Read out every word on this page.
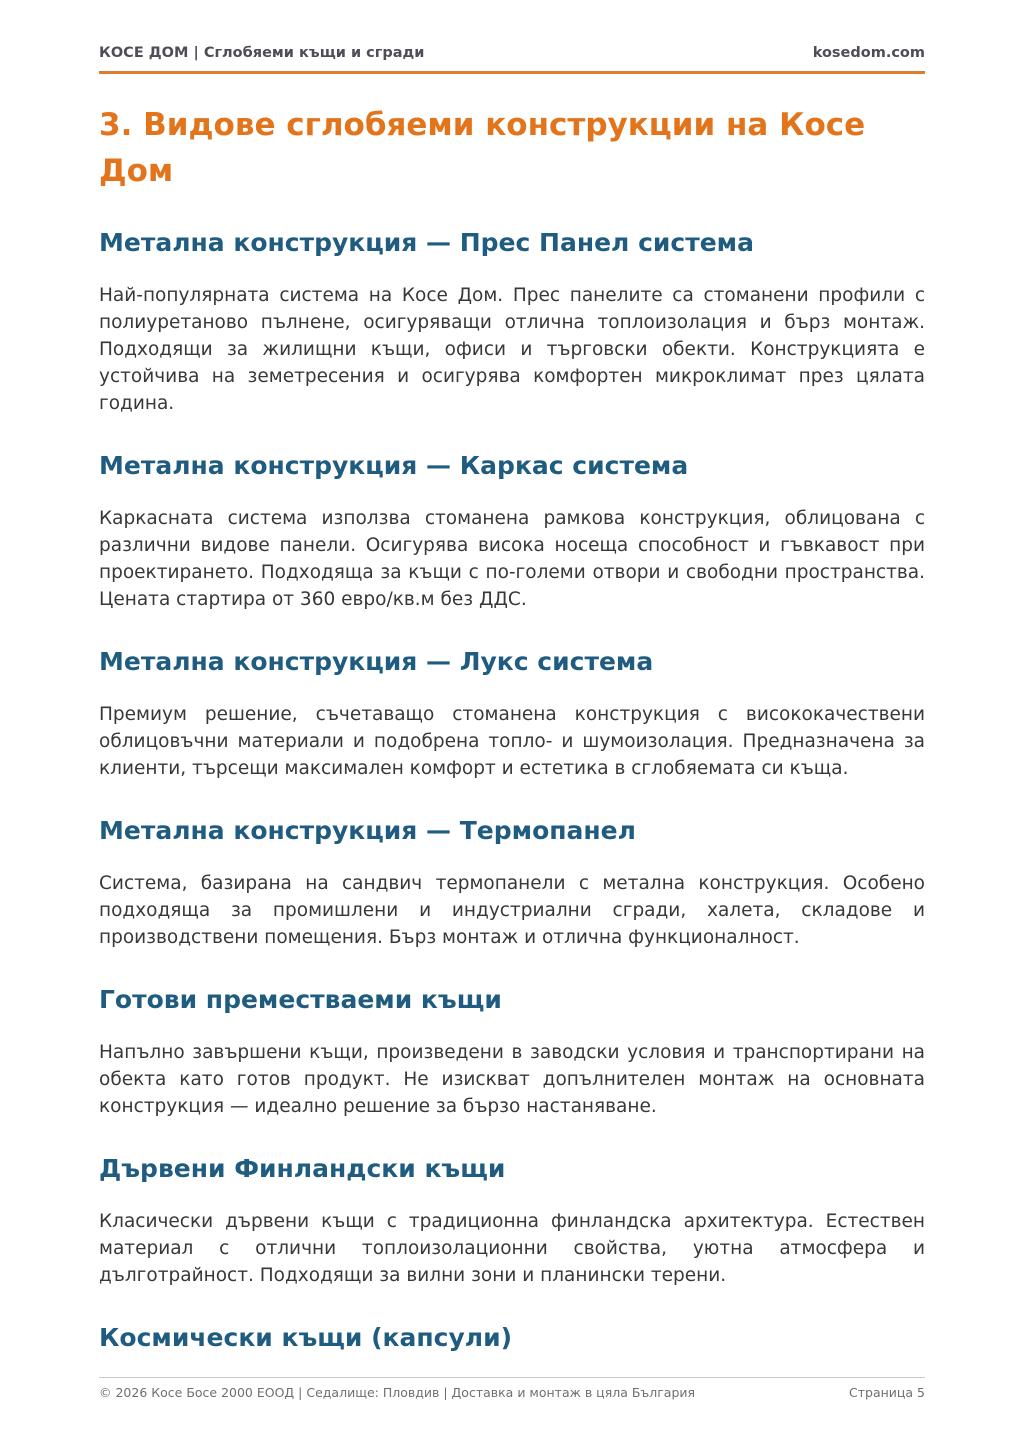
КОСЕ ДОМ | Сглобяеми къщи и сгради	kosedom.com
3. Видове сглобяеми конструкции на Косе
Дом
Метална конструкция — Прес Панел система

Най-популярната система на Косе Дом. Прес панелите са стоманени профили с полиуретаново пълнене, осигуряващи отлична топлоизолация и бърз монтаж. Подходящи за жилищни къщи, офиси и търговски обекти. Конструкцията е устойчива на земетресения и осигурява комфортен микроклимат през цялата година.

Метална конструкция — Каркас система

Каркасната система използва стоманена рамкова конструкция, облицована с различни видове панели. Осигурява висока носеща способност и гъвкавост при проектирането. Подходяща за къщи с по-големи отвори и свободни пространства. Цената стартира от 360 евро/кв.м без ДДС.

Метална конструкция — Лукс система

Премиум решение, съчетаващо стоманена конструкция с висококачествени облицовъчни материали и подобрена топло- и шумоизолация. Предназначена за клиенти, търсещи максимален комфорт и естетика в сглобяемата си къща.

Метална конструкция — Термопанел

Система, базирана на сандвич термопанели с метална конструкция. Особено подходяща за промишлени и индустриални сгради, халета, складове и производствени помещения. Бърз монтаж и отлична функционалност.

Готови преместваеми къщи

Напълно завършени къщи, произведени в заводски условия и транспортирани на обекта като готов продукт. Не изискват допълнителен монтаж на основната конструкция — идеално решение за бързо настаняване.

Дървени Финландски къщи

Класически дървени къщи с традиционна финландска архитектура. Естествен материал с отлични топлоизолационни свойства, уютна атмосфера и дълготрайност. Подходящи за вилни зони и планински терени.

Космически къщи (капсули)
© 2026 Косе Босе 2000 ЕООД | Седалище: Пловдив | Доставка и монтаж в цяла България	Страница 5
